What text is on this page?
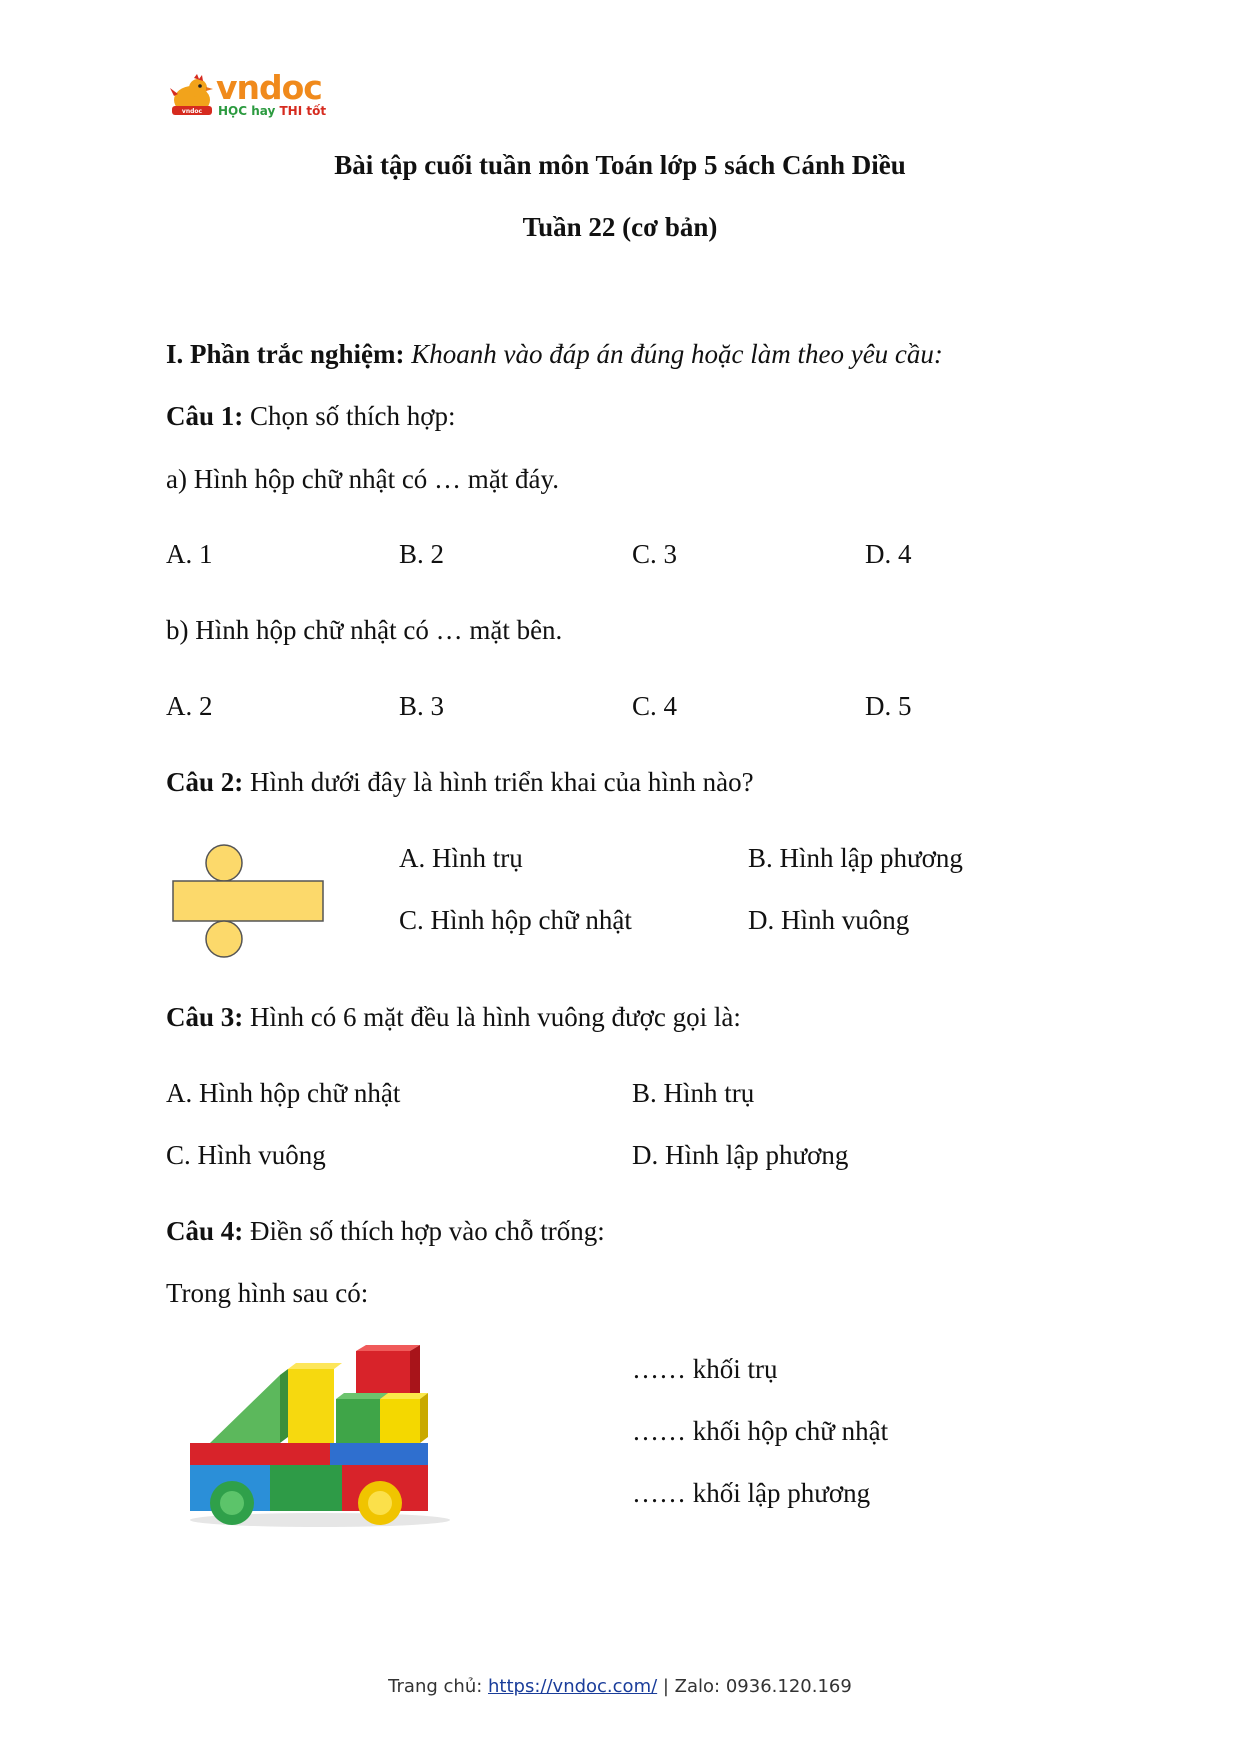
vndoc
vndoc
HỌC hay THI tốt
Bài tập cuối tuần môn Toán lớp 5 sách Cánh Diều
Tuần 22 (cơ bản)
I. Phần trắc nghiệm: Khoanh vào đáp án đúng hoặc làm theo yêu cầu:
Câu 1: Chọn số thích hợp:
a) Hình hộp chữ nhật có … mặt đáy.
A. 1	B. 2	C. 3	D. 4
b) Hình hộp chữ nhật có … mặt bên.
A. 2	B. 3	C. 4	D. 5
Câu 2: Hình dưới đây là hình triển khai của hình nào?
A. Hình trụ	B. Hình lập phương
C. Hình hộp chữ nhật	D. Hình vuông
Câu 3: Hình có 6 mặt đều là hình vuông được gọi là:
A. Hình hộp chữ nhật	B. Hình trụ
C. Hình vuông	D. Hình lập phương
Câu 4: Điền số thích hợp vào chỗ trống:
Trong hình sau có:
…… khối trụ
…… khối hộp chữ nhật
…… khối lập phương
Trang chủ: https://vndoc.com/ | Zalo: 0936.120.169
